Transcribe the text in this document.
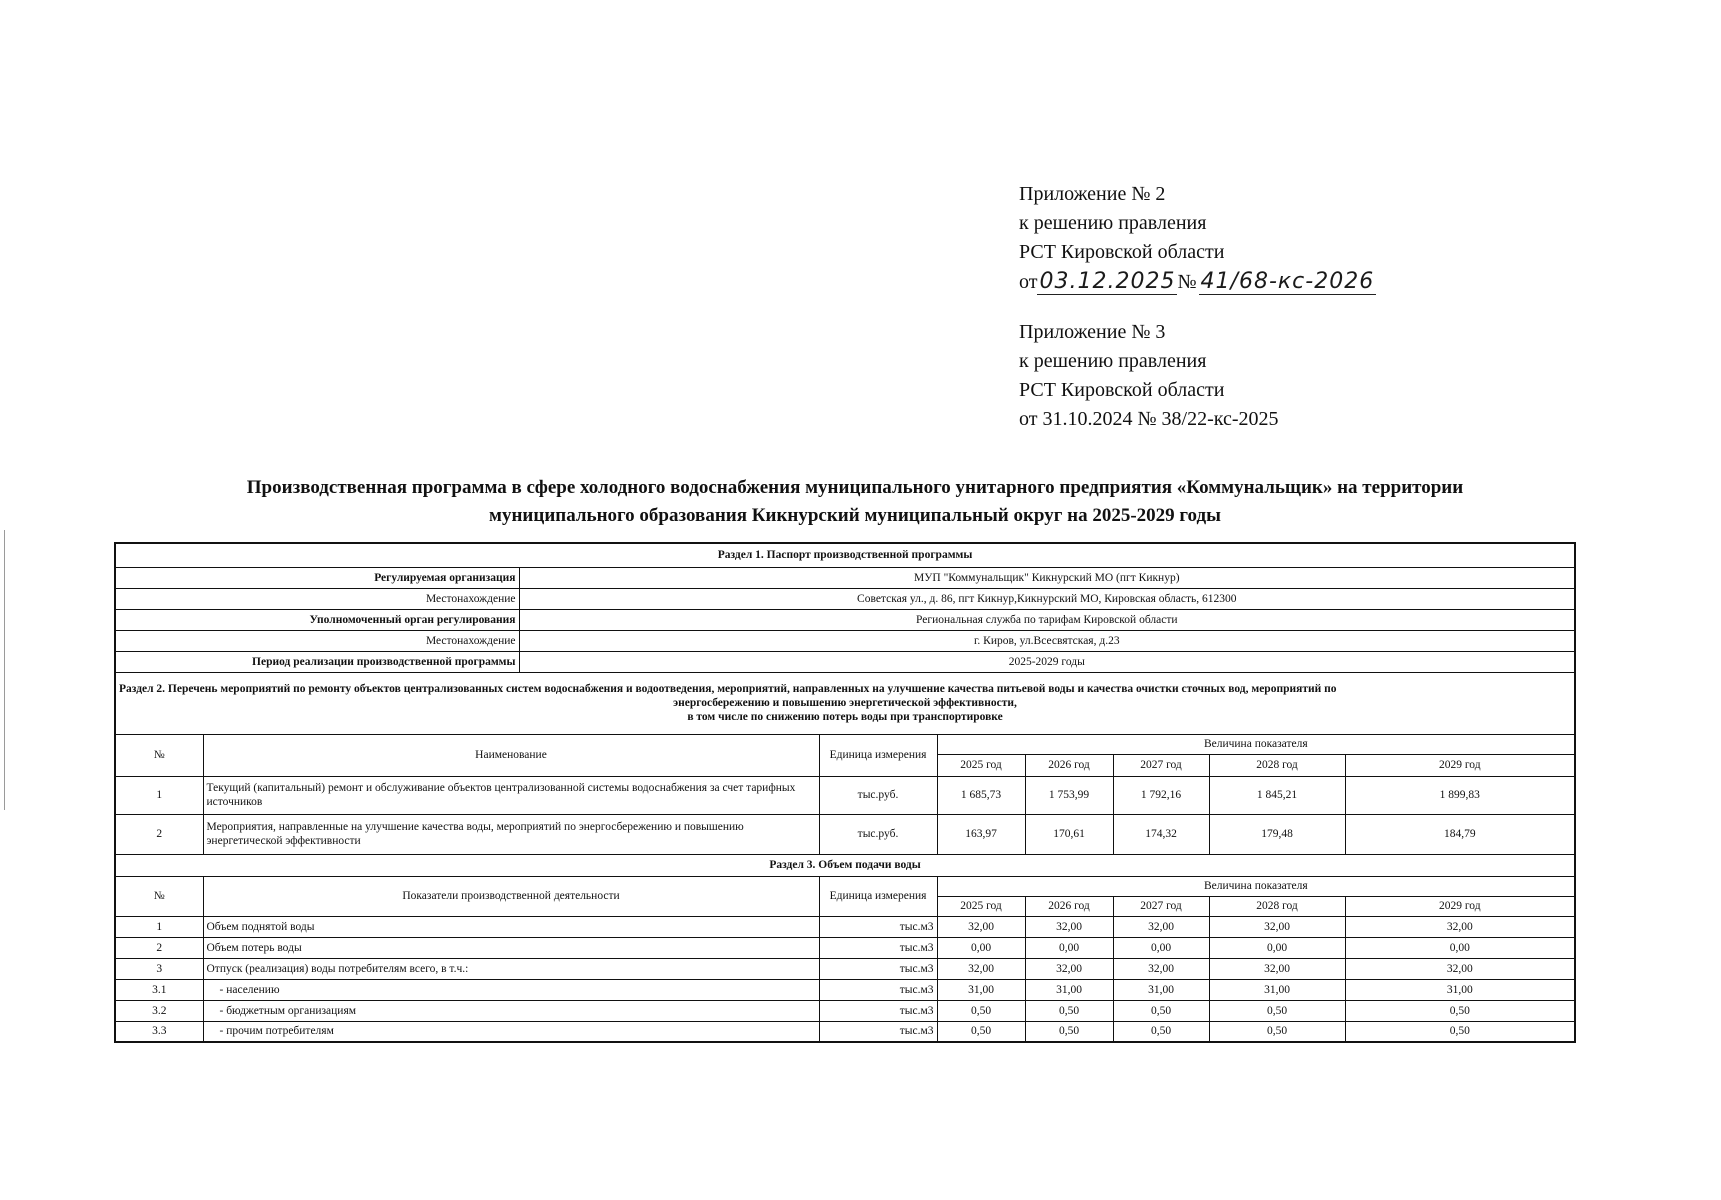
Приложение № 2
к решению правления
РСТ Кировской области
от03.12.2025 № 41/68-кс-2026
Приложение № 3
к решению правления
РСТ Кировской области
от 31.10.2024 № 38/22-кс-2025
Производственная программа в сфере холодного водоснабжения муниципального унитарного предприятия «Коммунальщик» на территории
муниципального образования Кикнурский муниципальный округ на 2025-2029 годы
Раздел 1. Паспорт производственной программы								
Регулируемая организация		МУП "Коммунальщик" Кикнурский МО (пгт Кикнур)						
Местонахождение		Советская ул., д. 86, пгт Кикнур,Кикнурский МО, Кировская область, 612300						
Уполномоченный орган регулирования		Региональная служба по тарифам Кировской области						
Местонахождение		г. Киров, ул.Всесвятская, д.23						
Период реализации производственной программы		2025-2029 годы						

Раздел 2. Перечень мероприятий по ремонту объектов централизованных систем водоснабжения и водоотведения, мероприятий, направленных на улучшение качества питьевой воды и качества очистки сточных вод, мероприятий по
энергосбережению и повышению энергетической эффективности,
в том числе по снижению потерь воды при транспортировке								

№	Наименование		Единица измерения	Величина показателя				
				2025 год	2026 год	2027 год	2028 год	2029 год
1	Текущий (капитальный) ремонт и обслуживание объектов централизованной системы водоснабжения за счет тарифных источников		тыс.руб.	1 685,73	1 753,99	1 792,16	1 845,21	1 899,83
2	Мероприятия, направленные на улучшение качества воды, мероприятий по энергосбережению и повышению энергетической эффективности		тыс.руб.	163,97	170,61	174,32	179,48	184,79
Раздел 3. Объем подачи воды								
№	Показатели производственной деятельности		Единица измерения	Величина показателя				
				2025 год	2026 год	2027 год	2028 год	2029 год
1	Объем поднятой воды		тыс.м3	32,00	32,00	32,00	32,00	32,00
2	Объем потерь воды		тыс.м3	0,00	0,00	0,00	0,00	0,00
3	Отпуск (реализация) воды потребителям всего, в т.ч.:		тыс.м3	32,00	32,00	32,00	32,00	32,00
3.1	- населению		тыс.м3	31,00	31,00	31,00	31,00	31,00
3.2	- бюджетным организациям		тыс.м3	0,50	0,50	0,50	0,50	0,50
3.3	- прочим потребителям		тыс.м3	0,50	0,50	0,50	0,50	0,50
